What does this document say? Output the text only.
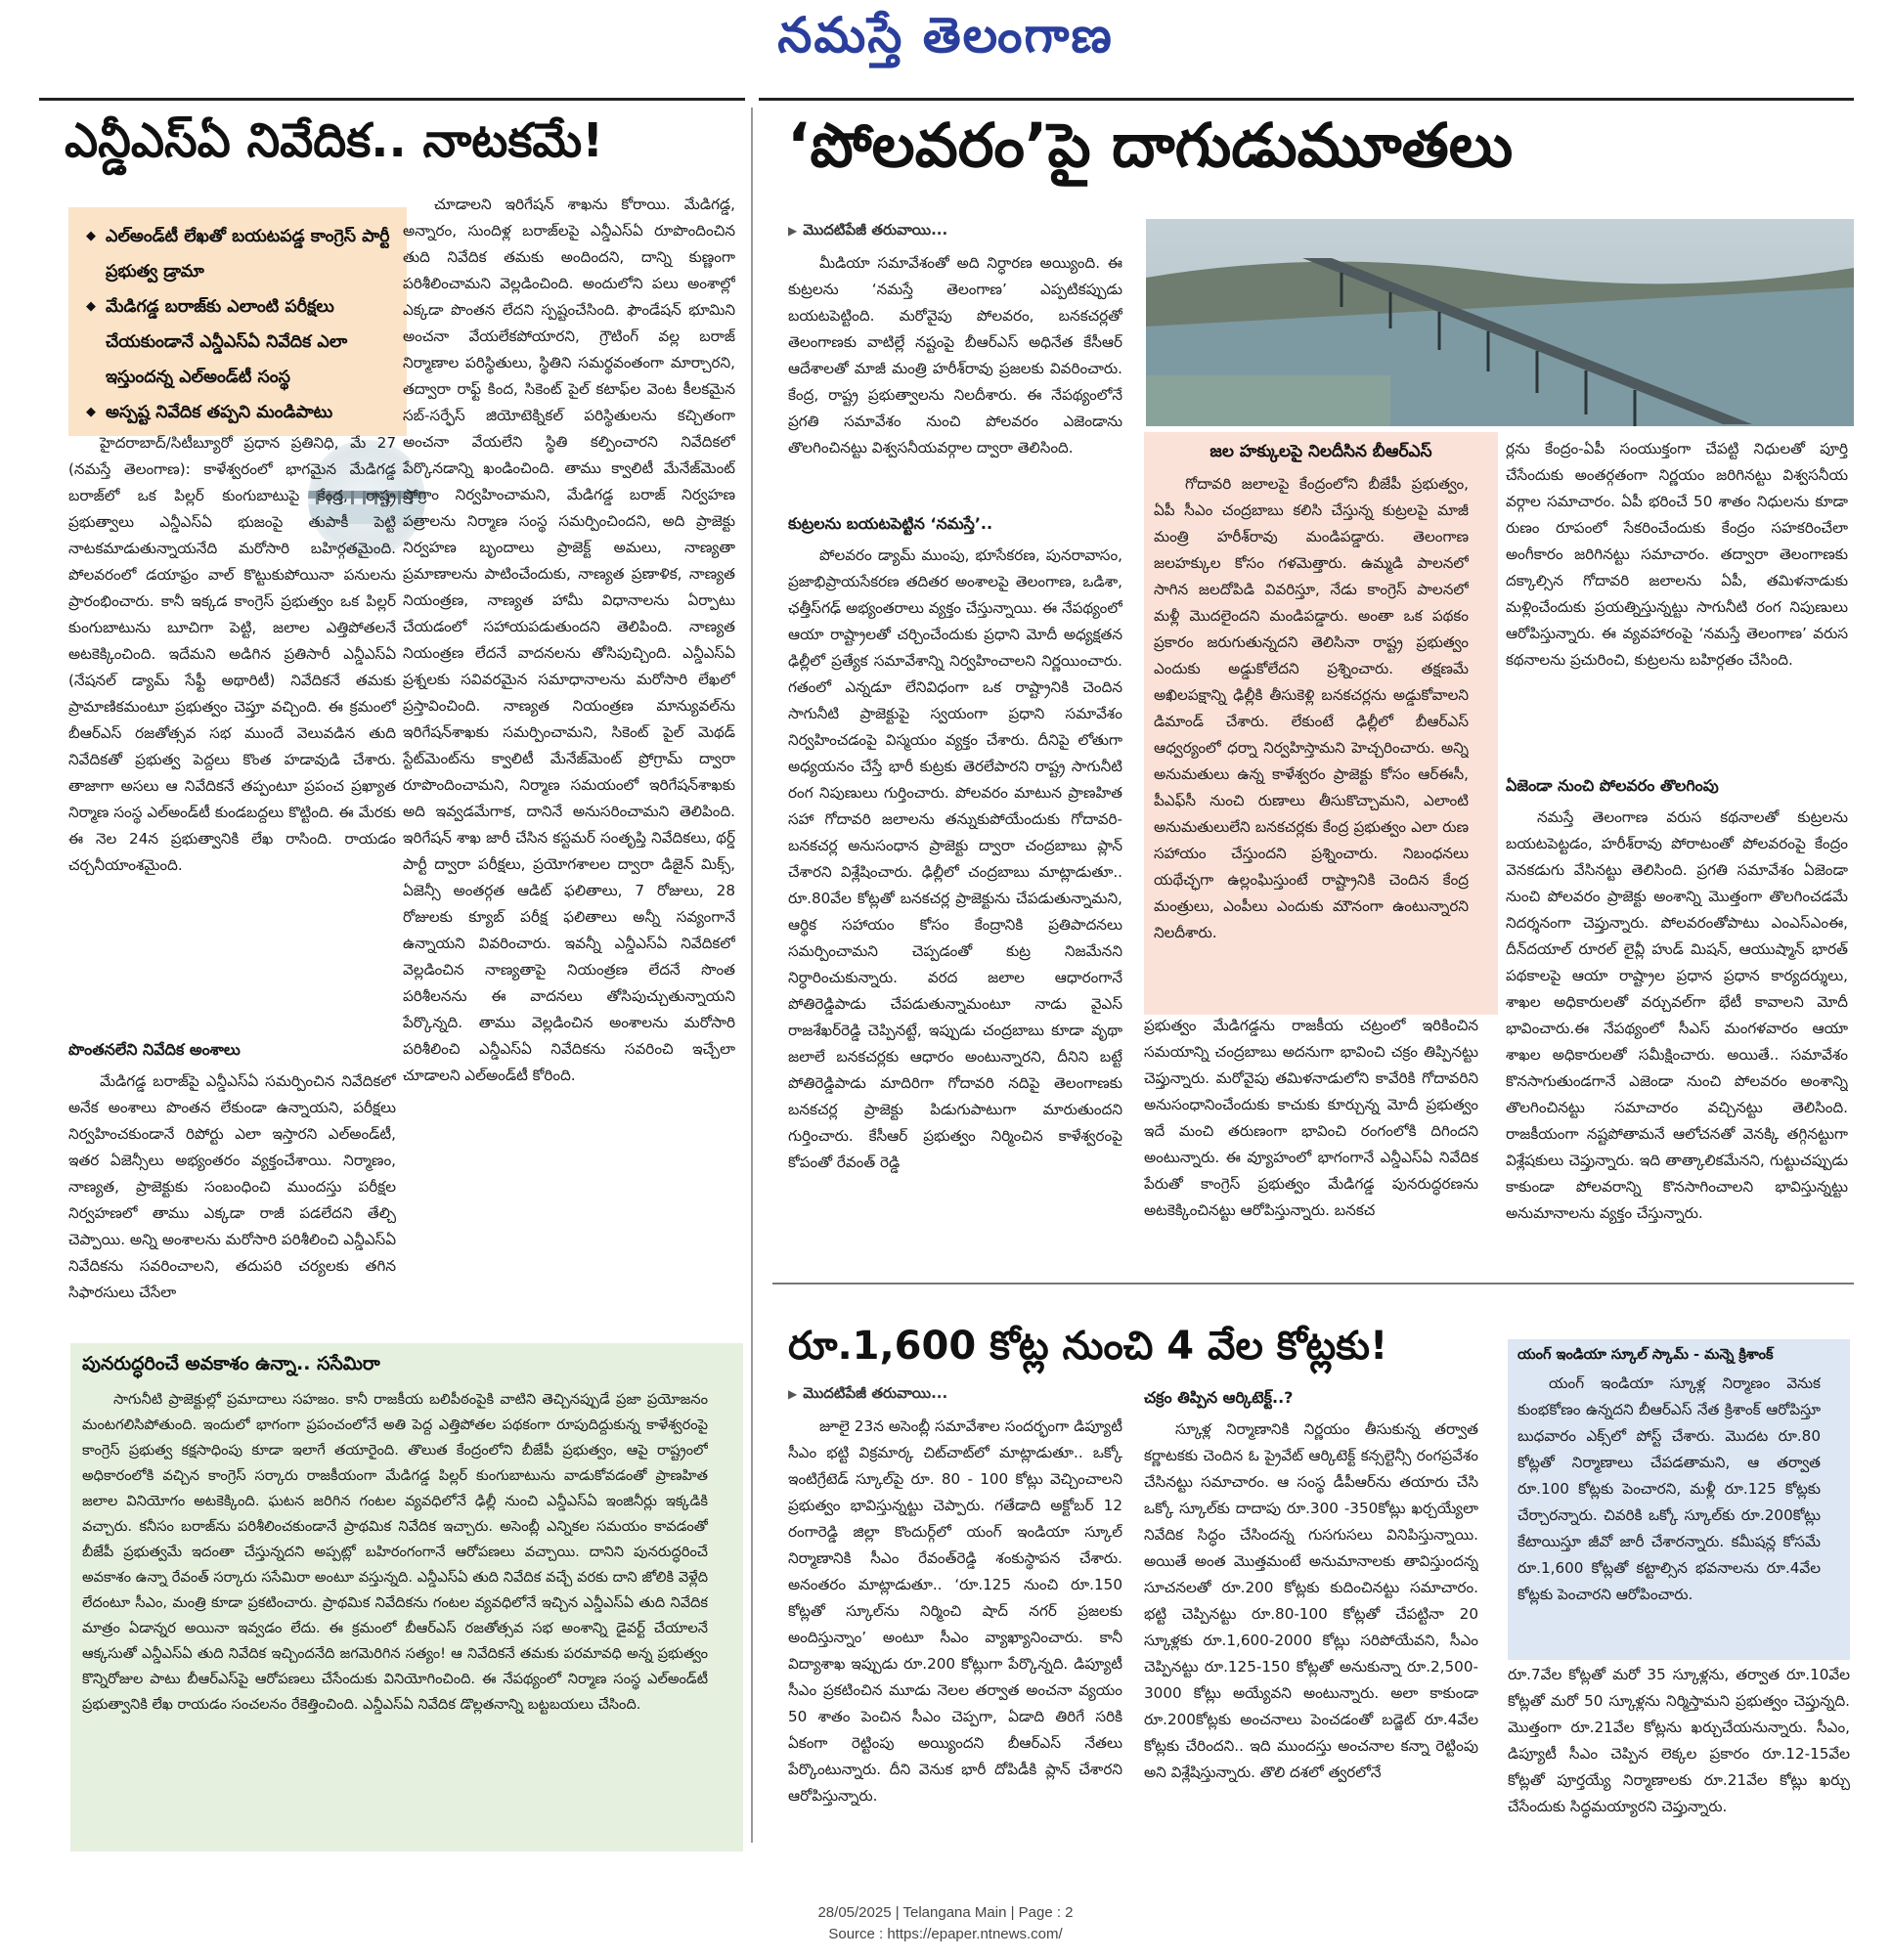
నమస్తే తెలంగాణ
ఎన్డీఎస్‌ఏ నివేదిక.. నాటకమే!
◆ ఎల్‌అండ్‌టీ లేఖతో బయటపడ్డ కాంగ్రెస్‌ పార్టీ ప్రభుత్వ డ్రామా
◆ మేడిగడ్డ బరాజ్‌కు ఎలాంటి పరీక్షలు చేయకుండానే ఎన్డీఎస్‌ఏ నివేదిక ఎలా ఇస్తుందన్న ఎల్‌అండ్‌టీ సంస్థ
◆ అస్పష్ట నివేదిక తప్పని మండిపాటు

హైదరాబాద్‌/సిటీబ్యూరో ప్రధాన ప్రతినిధి, మే 27 (నమస్తే తెలంగాణ): కాళేశ్వరంలో భాగమైన మేడిగడ్డ బరాజ్‌లో ఒక పిల్లర్‌ కుంగుబాటుపై కేంద్ర, రాష్ట్ర ప్రభుత్వాలు ఎన్డీఎస్‌ఏ భుజంపై తుపాకీ పెట్టి నాటకమాడుతున్నాయనేది మరోసారి బహిర్గతమైంది. పోలవరంలో డయాఫ్రం వాల్‌ కొట్టుకుపోయినా పనులను ప్రారంభించారు. కానీ ఇక్కడ కాంగ్రెస్‌ ప్రభుత్వం ఒక పిల్లర్‌ కుంగుబాటును బూచిగా పెట్టి, జలాల ఎత్తిపోతలనే అటకెక్కించింది. ఇదేమని అడిగిన ప్రతిసారీ ఎన్డీఎస్‌ఏ (నేషనల్‌ డ్యామ్‌ సేఫ్టీ అథారిటీ) నివేదికనే తమకు ప్రామాణికమంటూ ప్రభుత్వం చెప్తూ వచ్చింది. ఈ క్రమంలో బీఆర్‌ఎస్‌ రజతోత్సవ సభ ముందే వెలువడిన తుది నివేదికతో ప్రభుత్వ పెద్దలు కొంత హడావుడి చేశారు. తాజాగా అసలు ఆ నివేదికనే తప్పంటూ ప్రపంచ ప్రఖ్యాత నిర్మాణ సంస్థ ఎల్‌అండ్‌టీ కుండబద్దలు కొట్టింది. ఈ మేరకు ఈ నెల 24న ప్రభుత్వానికి లేఖ రాసింది. రాయడం చర్చనీయాంశమైంది.

పొంతనలేని నివేదిక అంశాలు

మేడిగడ్డ బరాజ్‌పై ఎన్డీఎస్‌ఏ సమర్పించిన నివేదికలో అనేక అంశాలు పొంతన లేకుండా ఉన్నాయని, పరీక్షలు నిర్వహించకుండానే రిపోర్టు ఎలా ఇస్తారని ఎల్‌అండ్‌టీ, ఇతర ఏజెన్సీలు అభ్యంతరం వ్యక్తంచేశాయి. నిర్మాణం, నాణ్యత, ప్రాజెక్టుకు సంబంధించి ముందస్తు పరీక్షల నిర్వహణలో తాము ఎక్కడా రాజీ పడలేదని తేల్చి చెప్పాయి. అన్ని అంశాలను మరోసారి పరిశీలించి ఎన్డీఎస్‌ఏ నివేదికను సవరించాలని, తదుపరి చర్యలకు తగిన సిఫారసులు చేసేలా

చూడాలని ఇరిగేషన్‌ శాఖను కోరాయి. మేడిగడ్డ, అన్నారం, సుందిళ్ల బరాజ్‌లపై ఎన్డీఎస్‌ఏ రూపొందించిన తుది నివేదిక తమకు అందిందని, దాన్ని కుణ్ణంగా పరిశీలించామని వెల్లడించింది. అందులోని పలు అంశాల్లో ఎక్కడా పొంతన లేదని స్పష్టంచేసింది. ఫౌండేషన్‌ భూమిని అంచనా వేయలేకపోయారని, గ్రౌటింగ్‌ వల్ల బరాజ్‌ నిర్మాణాల పరిస్థితులు, స్థితిని సమర్థవంతంగా మార్చారని, తద్వారా రాఫ్ట్‌ కింద, సికెంట్‌ పైల్‌ కటాఫ్‌ల వెంట కీలకమైన సబ్‌-సర్ఫేస్‌ జియోటెక్నికల్‌ పరిస్థితులను కచ్చితంగా అంచనా వేయలేని స్థితి కల్పించారని నివేదికలో పేర్కొనడాన్ని ఖండించింది. తాము క్వాలిటీ మేనేజ్‌మెంట్‌ ప్రోగ్రాం నిర్వహించామని, మేడిగడ్డ బరాజ్‌ నిర్వహణ పత్రాలను నిర్మాణ సంస్థ సమర్పించిందని, అది ప్రాజెక్టు నిర్వహణ బృందాలు ప్రాజెక్ట్‌ అమలు, నాణ్యతా ప్రమాణాలను పాటించేందుకు, నాణ్యత ప్రణాళిక, నాణ్యత నియంత్రణ, నాణ్యత హామీ విధానాలను ఏర్పాటు చేయడంలో సహాయపడుతుందని తెలిపింది. నాణ్యత నియంత్రణ లేదనే వాదనలను తోసిపుచ్చింది. ఎన్డీఎస్‌ఏ ప్రశ్నలకు సవివరమైన సమాధానాలను మరోసారి లేఖలో ప్రస్తావించింది. నాణ్యత నియంత్రణ మాన్యువల్‌ను ఇరిగేషన్‌శాఖకు సమర్పించామని, సికెంట్‌ పైల్‌ మెథడ్‌ స్టేట్‌మెంట్‌ను క్వాలిటీ మేనేజ్‌మెంట్‌ ప్రోగ్రామ్‌ ద్వారా రూపొందించామని, నిర్మాణ సమయంలో ఇరిగేషన్‌శాఖకు అది ఇవ్వడమేగాక, దానినే అనుసరించామని తెలిపింది. ఇరిగేషన్‌ శాఖ జారీ చేసిన కస్టమర్‌ సంతృప్తి నివేదికలు, థర్డ్‌ పార్టీ ద్వారా పరీక్షలు, ప్రయోగశాలల ద్వారా డిజైన్‌ మిక్స్‌, ఏజెన్సీ అంతర్గత ఆడిట్‌ ఫలితాలు, 7 రోజులు, 28 రోజులకు క్యూబ్‌ పరీక్ష ఫలితాలు అన్నీ సవ్యంగానే ఉన్నాయని వివరించారు. ఇవన్నీ ఎన్డీఎస్‌ఏ నివేదికలో వెల్లడించిన నాణ్యతాపై నియంత్రణ లేదనే సొంత పరిశీలనను ఈ వాదనలు తోసిపుచ్చుతున్నాయని పేర్కొన్నది. తాము వెల్లడించిన అంశాలను మరోసారి పరిశీలించి ఎన్డీఎస్‌ఏ నివేదికను సవరించి ఇచ్చేలా చూడాలని ఎల్‌అండ్‌టీ కోరింది.

పునరుద్ధరించే అవకాశం ఉన్నా.. ససేమిరా
సాగునీటి ప్రాజెక్టుల్లో ప్రమాదాలు సహజం. కానీ రాజకీయ బలిపీఠంపైకి వాటిని తెచ్చినప్పుడే ప్రజా ప్రయోజనం మంటగలిసిపోతుంది. ఇందులో భాగంగా ప్రపంచంలోనే అతి పెద్ద ఎత్తిపోతల పథకంగా రూపుదిద్దుకున్న కాళేశ్వరంపై కాంగ్రెస్‌ ప్రభుత్వ కక్షసాధింపు కూడా ఇలాగే తయారైంది. తొలుత కేంద్రంలోని బీజేపీ ప్రభుత్వం, ఆపై రాష్ట్రంలో అధికారంలోకి వచ్చిన కాంగ్రెస్‌ సర్కారు రాజకీయంగా మేడిగడ్డ పిల్లర్‌ కుంగుబాటును వాడుకోవడంతో ప్రాణహిత జలాల వినియోగం అటకెక్కింది. ఘటన జరిగిన గంటల వ్యవధిలోనే ఢిల్లీ నుంచి ఎన్డీఎస్‌ఏ ఇంజినీర్లు ఇక్కడికి వచ్చారు. కనీసం బరాజ్‌ను పరిశీలించకుండానే ప్రాథమిక నివేదిక ఇచ్చారు. అసెంబ్లీ ఎన్నికల సమయం కావడంతో బీజేపీ ప్రభుత్వమే ఇదంతా చేస్తున్నదని అప్పట్లో బహిరంగంగానే ఆరోపణలు వచ్చాయి. దానిని పునరుద్ధరించే అవకాశం ఉన్నా రేవంత్‌ సర్కారు ససేమిరా అంటూ వస్తున్నది. ఎన్డీఎస్‌ఏ తుది నివేదిక వచ్చే వరకు దాని జోలికి వెళ్లేది లేదంటూ సీఎం, మంత్రి కూడా ప్రకటించారు. ప్రాథమిక నివేదికను గంటల వ్యవధిలోనే ఇచ్చిన ఎన్డీఎస్‌ఏ తుది నివేదిక మాత్రం ఏడాన్నర అయినా ఇవ్వడం లేదు. ఈ క్రమంలో బీఆర్‌ఎస్‌ రజతోత్సవ సభ అంశాన్ని డైవర్ట్‌ చేయాలనే ఆక్కసుతో ఎన్డీఎస్‌ఏ తుది నివేదిక ఇచ్చిందనేది జగమెరిగిన సత్యం! ఆ నివేదికనే తమకు పరమావధి అన్న ప్రభుత్వం కొన్నిరోజుల పాటు బీఆర్‌ఎస్‌పై ఆరోపణలు చేసేందుకు వినియోగించింది. ఈ నేపథ్యంలో నిర్మాణ సంస్థ ఎల్‌అండ్‌టీ ప్రభుత్వానికి లేఖ రాయడం సంచలనం రేకెత్తించింది. ఎన్డీఎస్‌ఏ నివేదిక డొల్లతనాన్ని బట్టబయలు చేసింది.
‘పోలవరం’పై దాగుడుమూతలు
▶ మొదటిపేజీ తరువాయి...

మీడియా సమావేశంతో అది నిర్ధారణ అయ్యింది. ఈ కుట్రలను ‘నమస్తే తెలంగాణ’ ఎప్పటికప్పుడు బయటపెట్టింది. మరోవైపు పోలవరం, బనకచర్లతో తెలంగాణకు వాటిల్లే నష్టంపై బీఆర్‌ఎస్‌ అధినేత కేసీఆర్‌ ఆదేశాలతో మాజీ మంత్రి హరీశ్‌రావు ప్రజలకు వివరించారు. కేంద్ర, రాష్ట్ర ప్రభుత్వాలను నిలదీశారు. ఈ నేపథ్యంలోనే ప్రగతి సమావేశం నుంచి పోలవరం ఎజెండాను తొలగించినట్టు విశ్వసనీయవర్గాల ద్వారా తెలిసింది.

కుట్రలను బయటపెట్టిన ‘నమస్తే’..

పోలవరం డ్యామ్‌ ముంపు, భూసేకరణ, పునరావాసం, ప్రజాభిప్రాయసేకరణ తదితర అంశాలపై తెలంగాణ, ఒడిశా, ఛత్తీస్‌గఢ్‌ అభ్యంతరాలు వ్యక్తం చేస్తున్నాయి. ఈ నేపథ్యంలో ఆయా రాష్ట్రాలతో చర్చించేందుకు ప్రధాని మోదీ అధ్యక్షతన ఢిల్లీలో ప్రత్యేక సమావేశాన్ని నిర్వహించాలని నిర్ణయించారు. గతంలో ఎన్నడూ లేనివిధంగా ఒక రాష్ట్రానికి చెందిన సాగునీటి ప్రాజెక్టుపై స్వయంగా ప్రధాని సమావేశం నిర్వహించడంపై విస్మయం వ్యక్తం చేశారు. దీనిపై లోతుగా అధ్యయనం చేస్తే భారీ కుట్రకు తెరలేపారని రాష్ట్ర సాగునీటి రంగ నిపుణులు గుర్తించారు. పోలవరం మాటున ప్రాణహిత సహా గోదావరి జలాలను తన్నుకుపోయేందుకు గోదావరి-బనకచర్ల అనుసంధాన ప్రాజెక్టు ద్వారా చంద్రబాబు ప్లాన్‌ చేశారని విశ్లేషించారు. ఢిల్లీలో చంద్రబాబు మాట్లాడుతూ.. రూ.80వేల కోట్లతో బనకచర్ల ప్రాజెక్టును చేపడుతున్నామని, ఆర్థిక సహాయం కోసం కేంద్రానికి ప్రతిపాదనలు సమర్పించామని చెప్పడంతో కుట్ర నిజమేనని నిర్ధారించుకున్నారు. వరద జలాల ఆధారంగానే పోతిరెడ్డిపాడు చేపడుతున్నామంటూ నాడు వైఎస్‌ రాజశేఖర్‌రెడ్డి చెప్పినట్టే, ఇప్పుడు చంద్రబాబు కూడా వృథా జలాలే బనకచర్లకు ఆధారం అంటున్నారని, దీనిని బట్టే పోతిరెడ్డిపాడు మాదిరిగా గోదావరి నదిపై తెలంగాణకు బనకచర్ల ప్రాజెక్టు పిడుగుపాటుగా మారుతుందని గుర్తించారు. కేసీఆర్‌ ప్రభుత్వం నిర్మించిన కాళేశ్వరంపై కోపంతో రేవంత్‌ రెడ్డి

జల హక్కులపై నిలదీసిన బీఆర్‌ఎస్‌
గోదావరి జలాలపై కేంద్రంలోని బీజేపీ ప్రభుత్వం, ఏపీ సీఎం చంద్రబాబు కలిసి చేస్తున్న కుట్రలపై మాజీ మంత్రి హరీశ్‌రావు మండిపడ్డారు. తెలంగాణ జలహక్కుల కోసం గళమెత్తారు. ఉమ్మడి పాలనలో సాగిన జలదోపిడి వివరిస్తూ, నేడు కాంగ్రెస్‌ పాలనలో మళ్లీ మొదలైందని మండిపడ్డారు. అంతా ఒక పథకం ప్రకారం జరుగుతున్నదని తెలిసినా రాష్ట్ర ప్రభుత్వం ఎందుకు అడ్డుకోలేదని ప్రశ్నించారు. తక్షణమే అఖిలపక్షాన్ని ఢిల్లీకి తీసుకెళ్లి బనకచర్లను అడ్డుకోవాలని డిమాండ్‌ చేశారు. లేకుంటే ఢిల్లీలో బీఆర్‌ఎస్‌ ఆధ్వర్యంలో ధర్నా నిర్వహిస్తామని హెచ్చరించారు. అన్ని అనుమతులు ఉన్న కాళేశ్వరం ప్రాజెక్టు కోసం ఆర్‌ఈసీ, పీఎఫ్‌సీ నుంచి రుణాలు తీసుకొచ్చామని, ఎలాంటి అనుమతులులేని బనకచర్లకు కేంద్ర ప్రభుత్వం ఎలా రుణ సహాయం చేస్తుందని ప్రశ్నించారు. నిబంధనలు యథేచ్ఛగా ఉల్లంఘిస్తుంటే రాష్ట్రానికి చెందిన కేంద్ర మంత్రులు, ఎంపీలు ఎందుకు మౌనంగా ఉంటున్నారని నిలదీశారు.

ప్రభుత్వం మేడిగడ్డను రాజకీయ చట్రంలో ఇరికించిన సమయాన్ని చంద్రబాబు అదనుగా భావించి చక్రం తిప్పినట్టు చెప్తున్నారు. మరోవైపు తమిళనాడులోని కావేరికి గోదావరిని అనుసంధానించేందుకు కాచుకు కూర్చున్న మోదీ ప్రభుత్వం ఇదే మంచి తరుణంగా భావించి రంగంలోకి దిగిందని అంటున్నారు. ఈ వ్యూహంలో భాగంగానే ఎన్డీఎస్‌ఏ నివేదిక పేరుతో కాంగ్రెస్‌ ప్రభుత్వం మేడిగడ్డ పునరుద్ధరణను అటకెక్కించినట్టు ఆరోపిస్తున్నారు. బనకచ

ర్లను కేంద్రం-ఏపీ సంయుక్తంగా చేపట్టి నిధులతో పూర్తి చేసేందుకు అంతర్గతంగా నిర్ణయం జరిగినట్టు విశ్వసనీయ వర్గాల సమాచారం. ఏపీ భరించే 50 శాతం నిధులను కూడా రుణం రూపంలో సేకరించేందుకు కేంద్రం సహకరించేలా అంగీకారం జరిగినట్టు సమాచారం. తద్వారా తెలంగాణకు దక్కాల్సిన గోదావరి జలాలను ఏపీ, తమిళనాడుకు మళ్లించేందుకు ప్రయత్నిస్తున్నట్టు సాగునీటి రంగ నిపుణులు ఆరోపిస్తున్నారు. ఈ వ్యవహారంపై ‘నమస్తే తెలంగాణ’ వరుస కథనాలను ప్రచురించి, కుట్రలను బహిర్గతం చేసింది.

ఏజెండా నుంచి పోలవరం తొలగింపు

నమస్తే తెలంగాణ వరుస కథనాలతో కుట్రలను బయటపెట్టడం, హరీశ్‌రావు పోరాటంతో పోలవరంపై కేంద్రం వెనకడుగు వేసినట్టు తెలిసింది. ప్రగతి సమావేశం ఏజెండా నుంచి పోలవరం ప్రాజెక్టు అంశాన్ని మొత్తంగా తొలగించడమే నిదర్శనంగా చెప్తున్నారు. పోలవరంతోపాటు ఎంఎస్‌ఎంఈ, దీన్‌దయాల్‌ రూరల్‌ లైవ్లీ హుడ్‌ మిషన్‌, ఆయుష్మాన్‌ భారత్‌ పథకాలపై ఆయా రాష్ట్రాల ప్రధాన ప్రధాన కార్యదర్శులు, శాఖల అధికారులతో వర్చువల్‌గా భేటీ కావాలని మోదీ భావించారు.ఈ నేపథ్యంలో సీఎస్‌ మంగళవారం ఆయా శాఖల అధికారులతో సమీక్షించారు. అయితే.. సమావేశం కొనసాగుతుండగానే ఎజెండా నుంచి పోలవరం అంశాన్ని తొలగించినట్టు సమాచారం వచ్చినట్టు తెలిసింది. రాజకీయంగా నష్టపోతామనే ఆలోచనతో వెనక్కి తగ్గినట్టుగా విశ్లేషకులు చెప్తున్నారు. ఇది తాత్కాలికమేనని, గుట్టుచప్పుడు కాకుండా పోలవరాన్ని కొనసాగించాలని భావిస్తున్నట్టు అనుమానాలను వ్యక్తం చేస్తున్నారు.

రూ.1,600 కోట్ల నుంచి 4 వేల కోట్లకు!
▶ మొదటిపేజీ తరువాయి...

జూలై 23న అసెంబ్లీ సమావేశాల సందర్భంగా డిప్యూటీ సీఎం భట్టి విక్రమార్క చిట్‌చాట్‌లో మాట్లాడుతూ.. ఒక్కో ఇంటిగ్రేటెడ్‌ స్కూల్‌పై రూ. 80 - 100 కోట్లు వెచ్చించాలని ప్రభుత్వం భావిస్తున్నట్టు చెప్పారు. గతేడాది అక్టోబర్‌ 12 రంగారెడ్డి జిల్లా కొందుర్గ్‌లో యంగ్‌ ఇండియా స్కూల్‌ నిర్మాణానికి సీఎం రేవంత్‌రెడ్డి శంకుస్థాపన చేశారు. అనంతరం మాట్లాడుతూ.. ‘రూ.125 నుంచి రూ.150 కోట్లతో స్కూల్‌ను నిర్మించి షాద్‌ నగర్‌ ప్రజలకు అందిస్తున్నాం’ అంటూ సీఎం వ్యాఖ్యానించారు. కానీ విద్యాశాఖ ఇప్పుడు రూ.200 కోట్లుగా పేర్కొన్నది. డిప్యూటీ సీఎం ప్రకటించిన మూడు నెలల తర్వాత అంచనా వ్యయం 50 శాతం పెంచిన సీఎం చెప్పగా, ఏడాది తిరిగే సరికి ఏకంగా రెట్టింపు అయ్యిందని బీఆర్‌ఎస్‌ నేతలు పేర్కొంటున్నారు. దీని వెనుక భారీ దోపిడీకి ప్లాన్‌ చేశారని ఆరోపిస్తున్నారు.

చక్రం తిప్పిన ఆర్కిటెక్ట్‌..?

స్కూళ్ల నిర్మాణానికి నిర్ణయం తీసుకున్న తర్వాత కర్ణాటకకు చెందిన ఓ ప్రైవేట్‌ ఆర్కిటెక్ట్‌ కన్సల్టెన్సీ రంగప్రవేశం చేసినట్టు సమాచారం. ఆ సంస్థ డీపీఆర్‌ను తయారు చేసి ఒక్కో స్కూల్‌కు దాదాపు రూ.300 -350కోట్లు ఖర్చయ్యేలా నివేదిక సిద్ధం చేసిందన్న గుసగుసలు వినిపిస్తున్నాయి. అయితే అంత మొత్తమంటే అనుమానాలకు తావిస్తుందన్న సూచనలతో రూ.200 కోట్లకు కుదించినట్టు సమాచారం. భట్టి చెప్పినట్టు రూ.80-100 కోట్లతో చేపట్టినా 20 స్కూళ్లకు రూ.1,600-2000 కోట్లు సరిపోయేవని, సీఎం చెప్పినట్టు రూ.125-150 కోట్లతో అనుకున్నా రూ.2,500-3000 కోట్లు అయ్యేవని అంటున్నారు. అలా కాకుండా రూ.200కోట్లకు అంచనాలు పెంచడంతో బడ్జెట్‌ రూ.4వేల కోట్లకు చేరిందని.. ఇది ముందస్తు అంచనాల కన్నా రెట్టింపు అని విశ్లేషిస్తున్నారు. తొలి దశలో త్వరలోనే

యంగ్‌ ఇండియా స్కూల్‌ స్కామ్‌ - మన్నె క్రిశాంక్‌
యంగ్‌ ఇండియా స్కూళ్ల నిర్మాణం వెనుక కుంభకోణం ఉన్నదని బీఆర్‌ఎస్‌ నేత క్రిశాంక్‌ ఆరోపిస్తూ బుధవారం ఎక్స్‌లో పోస్ట్‌ చేశారు. మొదట రూ.80 కోట్లతో నిర్మాణాలు చేపడతామని, ఆ తర్వాత రూ.100 కోట్లకు పెంచారని, మళ్లీ రూ.125 కోట్లకు చేర్చారన్నారు. చివరికి ఒక్కో స్కూల్‌కు రూ.200కోట్లు కేటాయిస్తూ జీవో జారీ చేశారన్నారు. కమీషన్ల కోసమే రూ.1,600 కోట్లతో కట్టాల్సిన భవనాలను రూ.4వేల కోట్లకు పెంచారని ఆరోపించారు.

రూ.7వేల కోట్లతో మరో 35 స్కూళ్లను, తర్వాత రూ.10వేల కోట్లతో మరో 50 స్కూళ్లను నిర్మిస్తామని ప్రభుత్వం చెప్తున్నది. మొత్తంగా రూ.21వేల కోట్లను ఖర్చుచేయనున్నారు. సీఎం, డిప్యూటీ సీఎం చెప్పిన లెక్కల ప్రకారం రూ.12-15వేల కోట్లతో పూర్తయ్యే నిర్మాణాలకు రూ.21వేల కోట్లు ఖర్చు చేసేందుకు సిద్ధమయ్యారని చెప్తున్నారు.

28/05/2025 | Telangana Main | Page : 2
Source : https://epaper.ntnews.com/
